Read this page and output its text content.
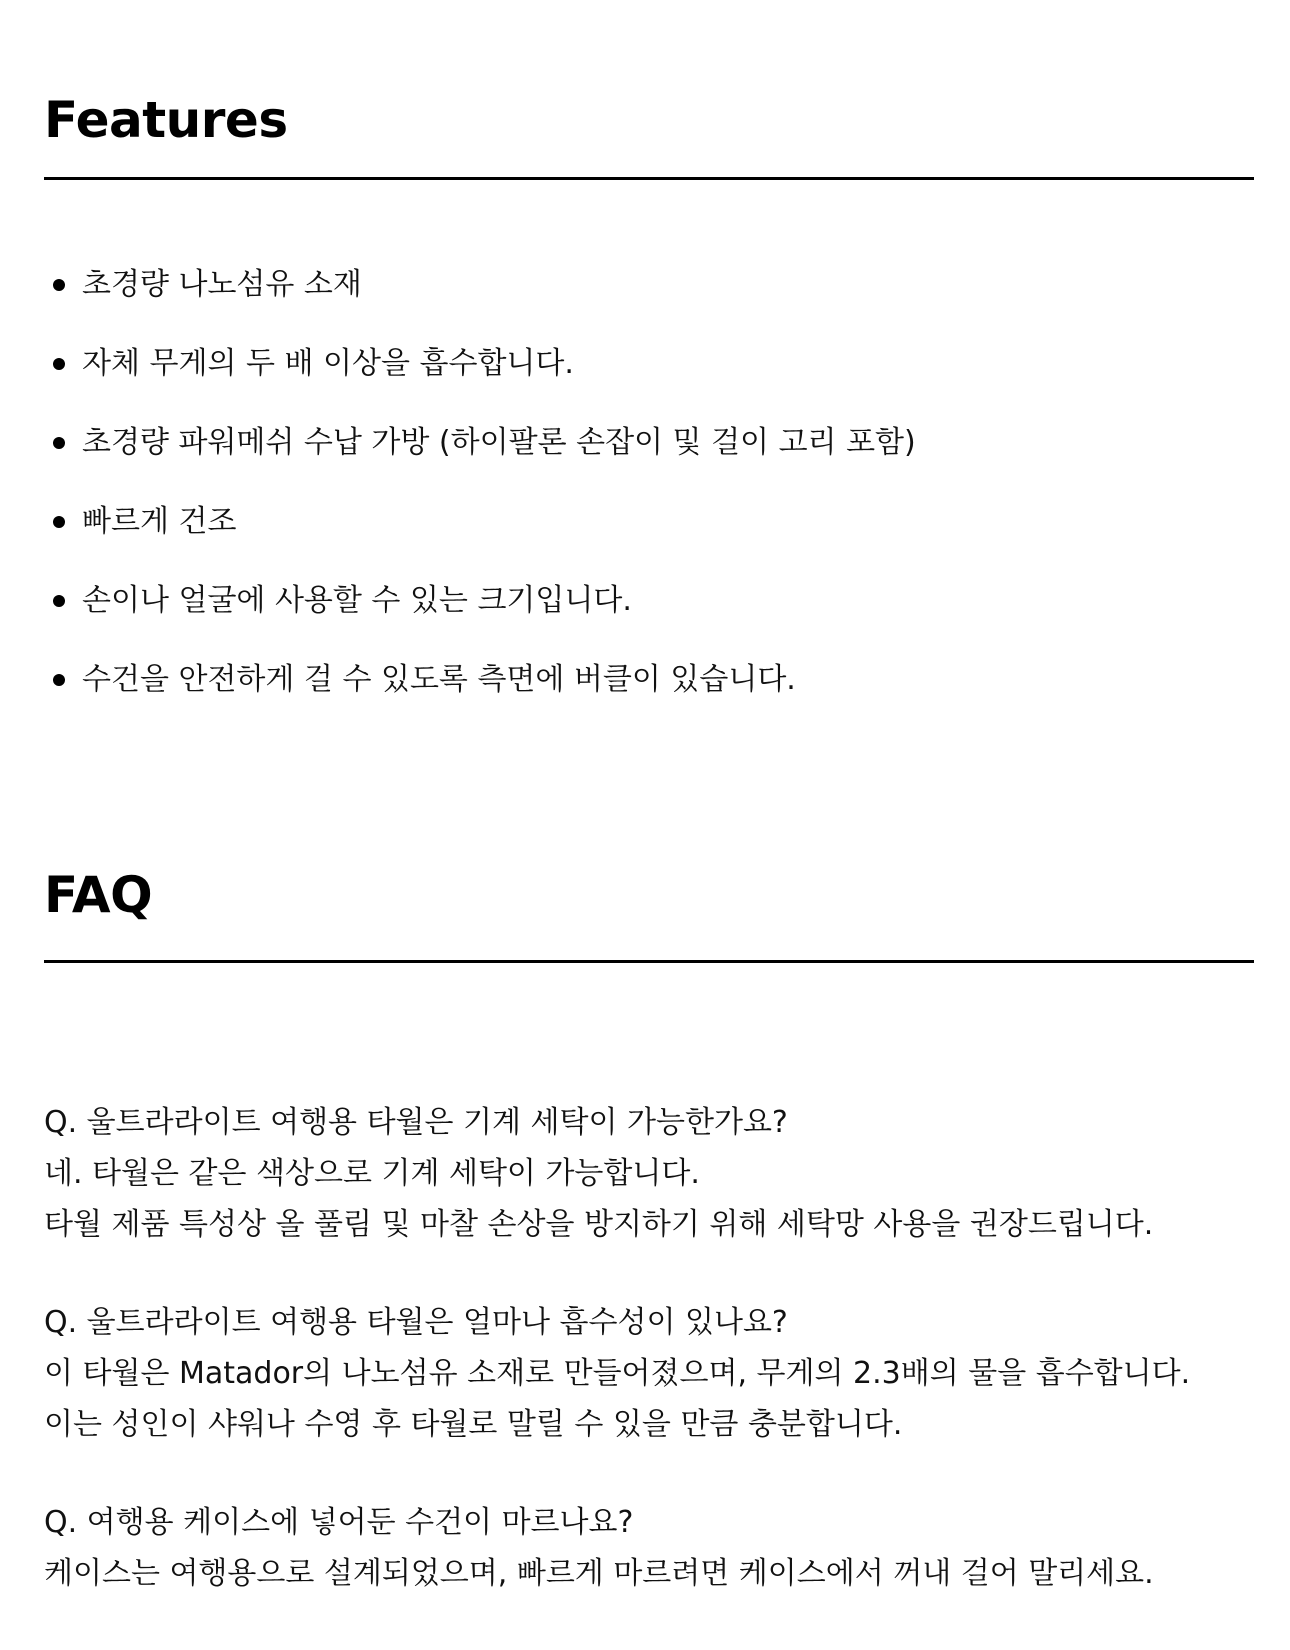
Features
초경량 나노섬유 소재
자체 무게의 두 배 이상을 흡수합니다.
초경량 파워메쉬 수납 가방 (하이팔론 손잡이 및 걸이 고리 포함)
빠르게 건조
손이나 얼굴에 사용할 수 있는 크기입니다.
수건을 안전하게 걸 수 있도록 측면에 버클이 있습니다.
FAQ
Q. 울트라라이트 여행용 타월은 기계 세탁이 가능한가요?
네. 타월은 같은 색상으로 기계 세탁이 가능합니다.
타월 제품 특성상 올 풀림 및 마찰 손상을 방지하기 위해 세탁망 사용을 권장드립니다.
Q. 울트라라이트 여행용 타월은 얼마나 흡수성이 있나요?
이 타월은 Matador의 나노섬유 소재로 만들어졌으며, 무게의 2.3배의 물을 흡수합니다.
이는 성인이 샤워나 수영 후 타월로 말릴 수 있을 만큼 충분합니다.
Q. 여행용 케이스에 넣어둔 수건이 마르나요?
케이스는 여행용으로 설계되었으며, 빠르게 마르려면 케이스에서 꺼내 걸어 말리세요.
